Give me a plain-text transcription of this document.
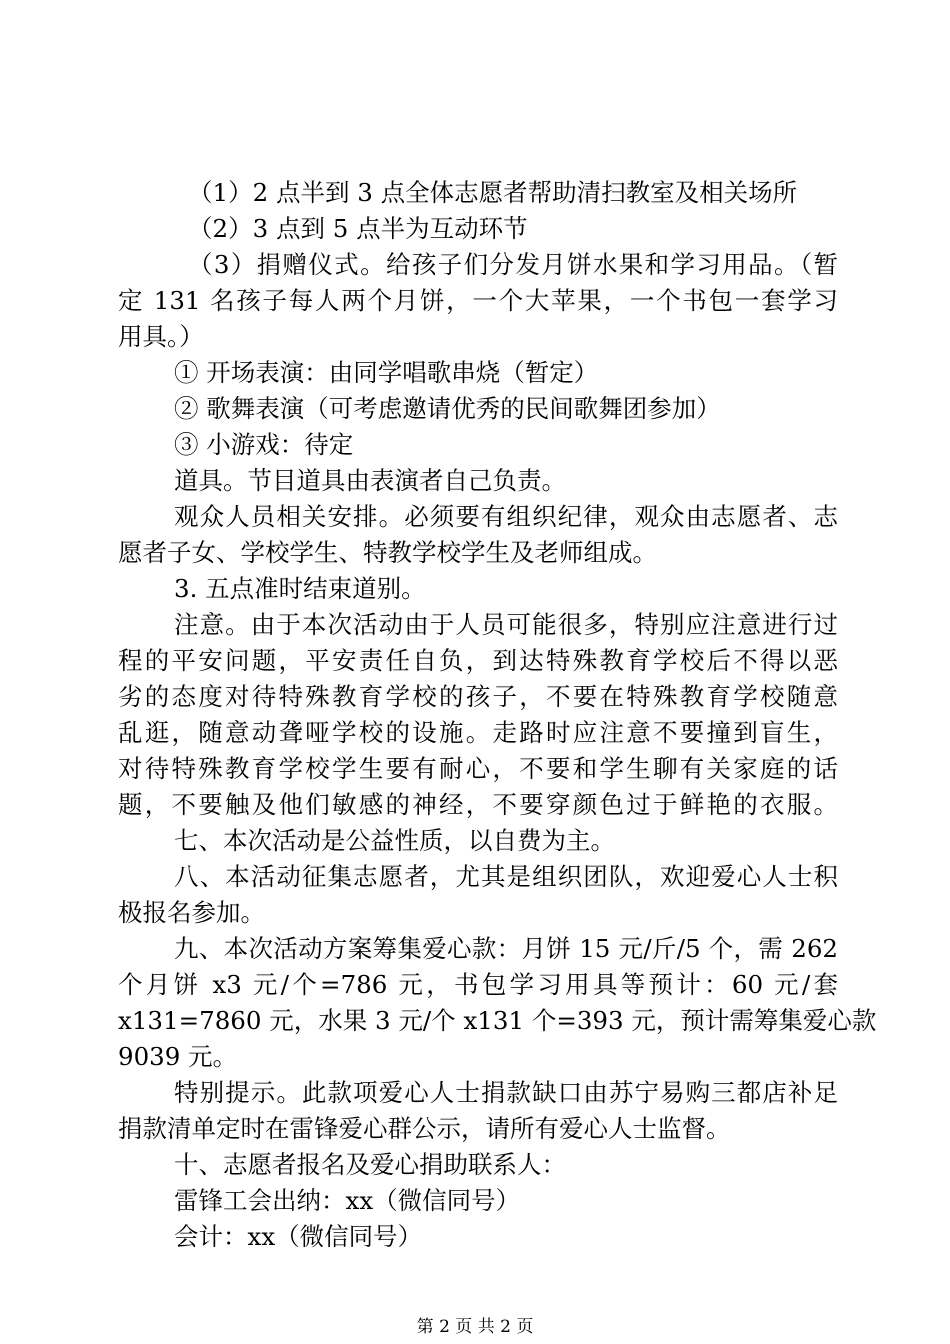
（1）2 点半到 3 点全体志愿者帮助清扫教室及相关场所
（2）3 点到 5 点半为互动环节
（3）捐赠仪式。给孩子们分发月饼水果和学习用品。（暂
定 131 名孩子每人两个月饼，一个大苹果，一个书包一套学习
用具。）
① 开场表演：由同学唱歌串烧（暂定）
② 歌舞表演（可考虑邀请优秀的民间歌舞团参加）
③ 小游戏：待定
道具。节目道具由表演者自己负责。
观众人员相关安排。必须要有组织纪律，观众由志愿者、志
愿者子女、学校学生、特教学校学生及老师组成。
3. 五点准时结束道别。
注意。由于本次活动由于人员可能很多，特别应注意进行过
程的平安问题，平安责任自负，到达特殊教育学校后不得以恶
劣的态度对待特殊教育学校的孩子，不要在特殊教育学校随意
乱逛，随意动聋哑学校的设施。走路时应注意不要撞到盲生，
对待特殊教育学校学生要有耐心，不要和学生聊有关家庭的话
题，不要触及他们敏感的神经，不要穿颜色过于鲜艳的衣服。
七、本次活动是公益性质，以自费为主。
八、本活动征集志愿者，尤其是组织团队，欢迎爱心人士积
极报名参加。
九、本次活动方案筹集爱心款：月饼 15 元/斤/5 个，需 262
个月饼 x3 元/个=786 元，书包学习用具等预计：60 元/套
x131=7860 元，水果 3 元/个 x131 个=393 元，预计需筹集爱心款
9039 元。
特别提示。此款项爱心人士捐款缺口由苏宁易购三都店补足
捐款清单定时在雷锋爱心群公示，请所有爱心人士监督。
十、志愿者报名及爱心捐助联系人：
雷锋工会出纳：xx（微信同号）
会计：xx（微信同号）
第 2 页 共 2 页
